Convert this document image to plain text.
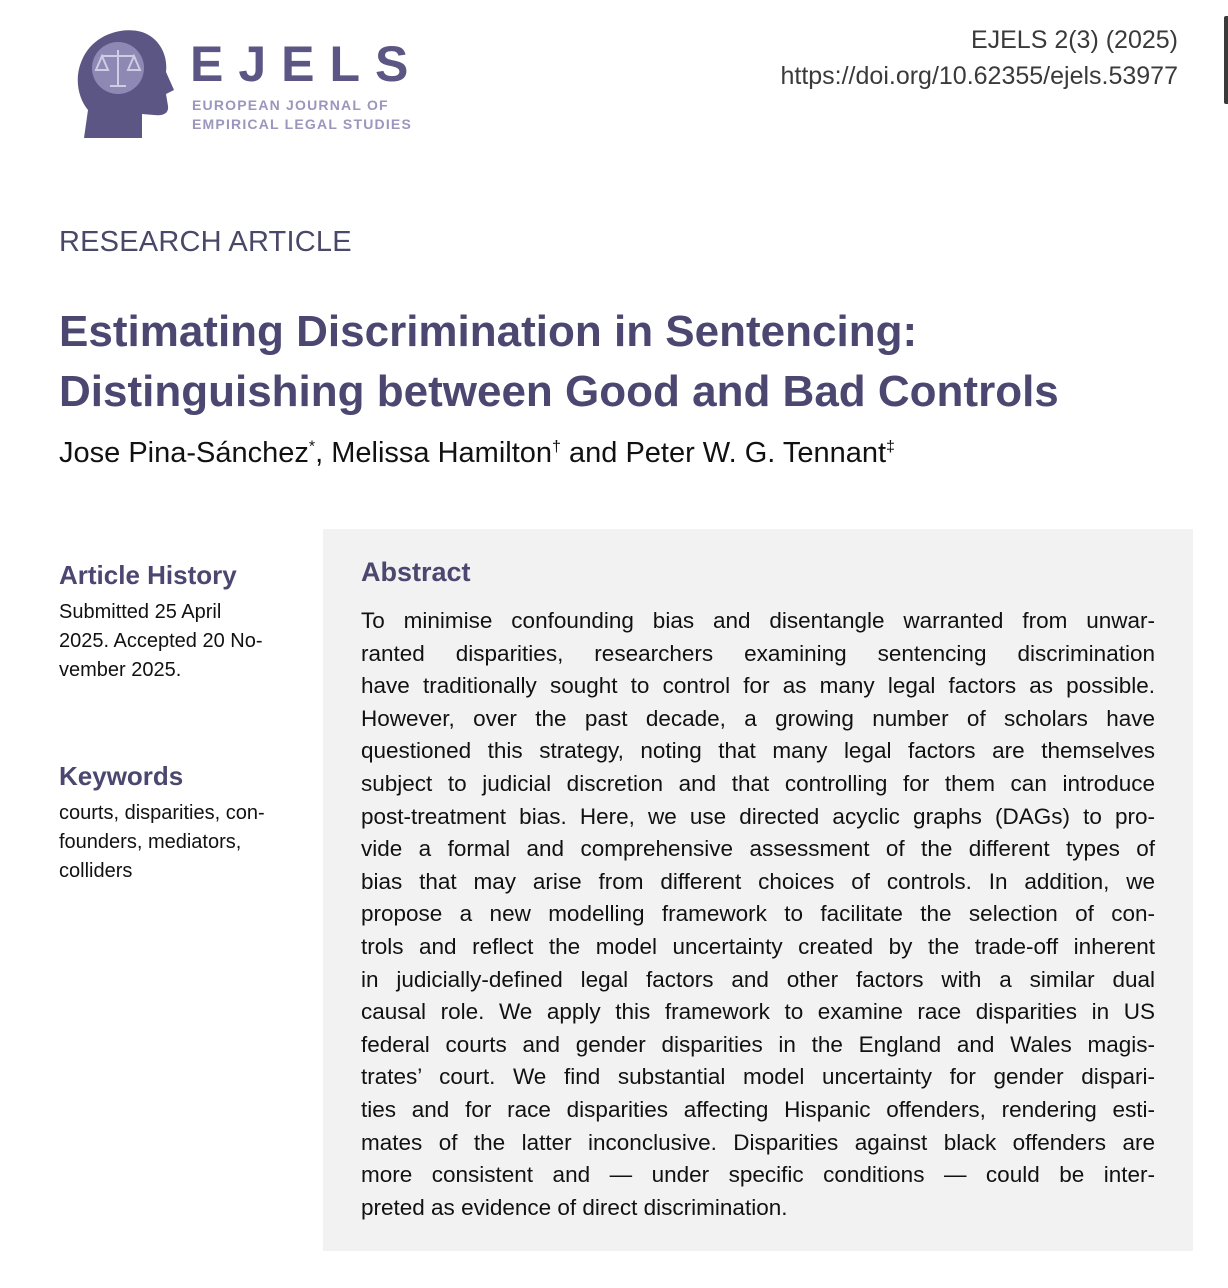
EJELS
EUROPEAN JOURNAL OF
EMPIRICAL LEGAL STUDIES
EJELS 2(3) (2025)
https://doi.org/10.62355/ejels.53977
RESEARCH ARTICLE
Estimating Discrimination in Sentencing:
Distinguishing between Good and Bad Controls
Jose Pina-Sánchez*, Melissa Hamilton† and Peter W. G. Tennant‡
Article History

Submitted 25 April
2025. Accepted 20 No-
vember 2025.

Keywords

courts, disparities, con-
founders, mediators,
colliders

Abstract
To minimise confounding bias and disentangle warranted from unwar-
ranted disparities, researchers examining sentencing discrimination
have traditionally sought to control for as many legal factors as possible.
However, over the past decade, a growing number of scholars have
questioned this strategy, noting that many legal factors are themselves
subject to judicial discretion and that controlling for them can introduce
post-treatment bias. Here, we use directed acyclic graphs (DAGs) to pro-
vide a formal and comprehensive assessment of the different types of
bias that may arise from different choices of controls. In addition, we
propose a new modelling framework to facilitate the selection of con-
trols and reflect the model uncertainty created by the trade-off inherent
in judicially-defined legal factors and other factors with a similar dual
causal role. We apply this framework to examine race disparities in US
federal courts and gender disparities in the England and Wales magis-
trates’ court. We find substantial model uncertainty for gender dispari-
ties and for race disparities affecting Hispanic offenders, rendering esti-
mates of the latter inconclusive. Disparities against black offenders are
more consistent and — under specific conditions — could be inter-
preted as evidence of direct discrimination.
